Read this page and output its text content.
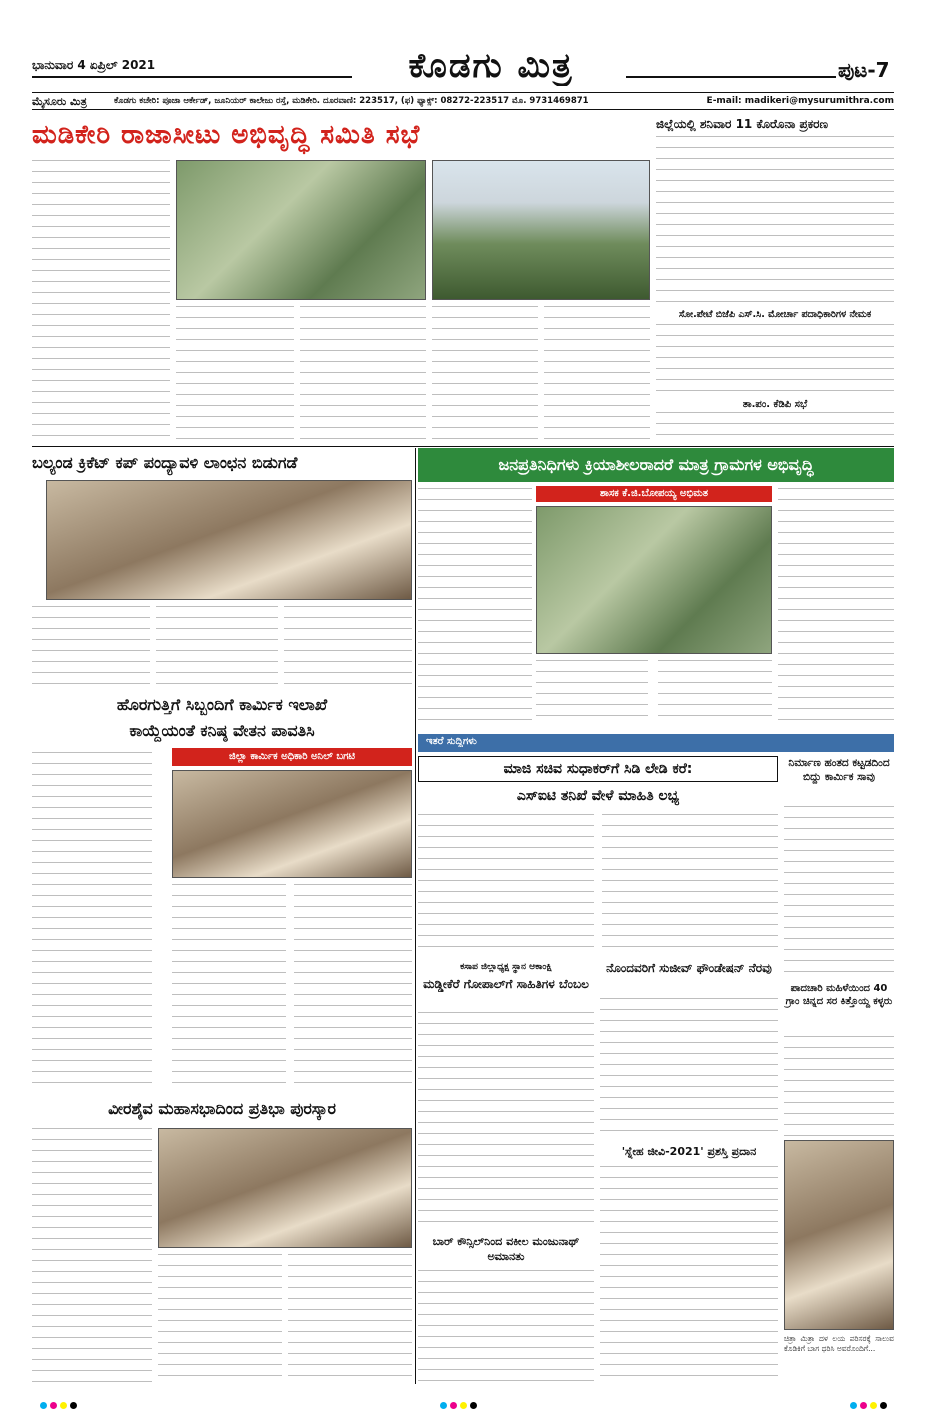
ಭಾನುವಾರ 4 ಏಪ್ರಿಲ್ 2021	ಕೊಡಗು ಮಿತ್ರ	ಪುಟ-7
ಮೈಸೂರು ಮಿತ್ರ	ಕೊಡಗು ಕಚೇರಿ: ಪೂಜಾ ಆರ್ಕೇಡ್, ಜೂನಿಯರ್ ಕಾಲೇಜು ರಸ್ತೆ, ಮಡಿಕೇರಿ. ದೂರವಾಣಿ: 223517, (ಫ) ಫ್ಯಾಕ್ಸ್: 08272-223517 ಮೊ. 9731469871	E-mail: madikeri@mysurumithra.com
ಮಡಿಕೇರಿ ರಾಜಾಸೀಟು ಅಭಿವೃದ್ಧಿ ಸಮಿತಿ ಸಭೆ	ಜಿಲ್ಲೆಯಲ್ಲಿ ಶನಿವಾರ 11 ಕೊರೊನಾ ಪ್ರಕರಣ
ಸೋ.ಪೇಟೆ ಬಿಜೆಪಿ ಎಸ್.ಸಿ. ಮೋರ್ಚಾ ಪದಾಧಿಕಾರಿಗಳ ನೇಮಕ
ತಾ.ಪಂ. ಕೆಡಿಪಿ ಸಭೆ
ಬಲ್ಯಂಡ ಕ್ರಿಕೆಟ್ ಕಪ್ ಪಂದ್ಯಾವಳಿ ಲಾಂಛನ ಬಿಡುಗಡೆ	ಜನಪ್ರತಿನಿಧಿಗಳು ಕ್ರಿಯಾಶೀಲರಾದರೆ ಮಾತ್ರ ಗ್ರಾಮಗಳ ಅಭಿವೃದ್ಧಿ
ಶಾಸಕ ಕೆ.ಜಿ.ಬೋಪಯ್ಯ ಅಭಿಮತ
ಹೊರಗುತ್ತಿಗೆ ಸಿಬ್ಬಂದಿಗೆ ಕಾರ್ಮಿಕ ಇಲಾಖೆ
ಕಾಯ್ದೆಯಂತೆ ಕನಿಷ್ಠ ವೇತನ ಪಾವತಿಸಿ
ಜಿಲ್ಲಾ ಕಾರ್ಮಿಕ ಅಧಿಕಾರಿ ಅನಿಲ್ ಬಗಟಿ
ಇತರೆ ಸುದ್ದಿಗಳು
ಮಾಜಿ ಸಚಿವ ಸುಧಾಕರ್‌ಗೆ ಸಿಡಿ ಲೇಡಿ ಕರೆ:
ಎಸ್‌ಐಟಿ ತನಿಖೆ ವೇಳೆ ಮಾಹಿತಿ ಲಭ್ಯ
ನಿರ್ಮಾಣ ಹಂತದ ಕಟ್ಟಡದಿಂದ ಬಿದ್ದು ಕಾರ್ಮಿಕ ಸಾವು
ಪಾದಚಾರಿ ಮಹಿಳೆಯಿಂದ 40 ಗ್ರಾಂ ಚಿನ್ನದ ಸರ ಕಿತ್ತೊಯ್ದ ಕಳ್ಳರು
ಕಸಾಪ ಜಿಲ್ಲಾಧ್ಯಕ್ಷ ಸ್ಥಾನ ಆಕಾಂಕ್ಷಿ
ಮಡ್ಡೀಕೆರೆ ಗೋಪಾಲ್‌ಗೆ ಸಾಹಿತಿಗಳ ಬೆಂಬಲ
ನೊಂದವರಿಗೆ ಸುಜೀವ್ ಫೌಂಡೇಷನ್ ನೆರವು
ಬಾರ್ ಕೌನ್ಸಿಲ್‌ನಿಂದ ವಕೀಲ ಮಂಜುನಾಥ್ ಅಮಾನತು
'ಸ್ನೇಹ ಜೀವಿ-2021' ಪ್ರಶಸ್ತಿ ಪ್ರದಾನ
ಚಿತ್ರಾ ಮಿತ್ರಾ ದಳ ಲಯ ಪರಿಸರಕ್ಕೆ ಸಾಲುವ ಕೊಡಿಕಿಗೆ ಬಾಗ ಧರಿಸಿ ಅವರೊಂದಿಗೆ...
ವೀರಶೈವ ಮಹಾಸಭಾದಿಂದ ಪ್ರತಿಭಾ ಪುರಸ್ಕಾರ
